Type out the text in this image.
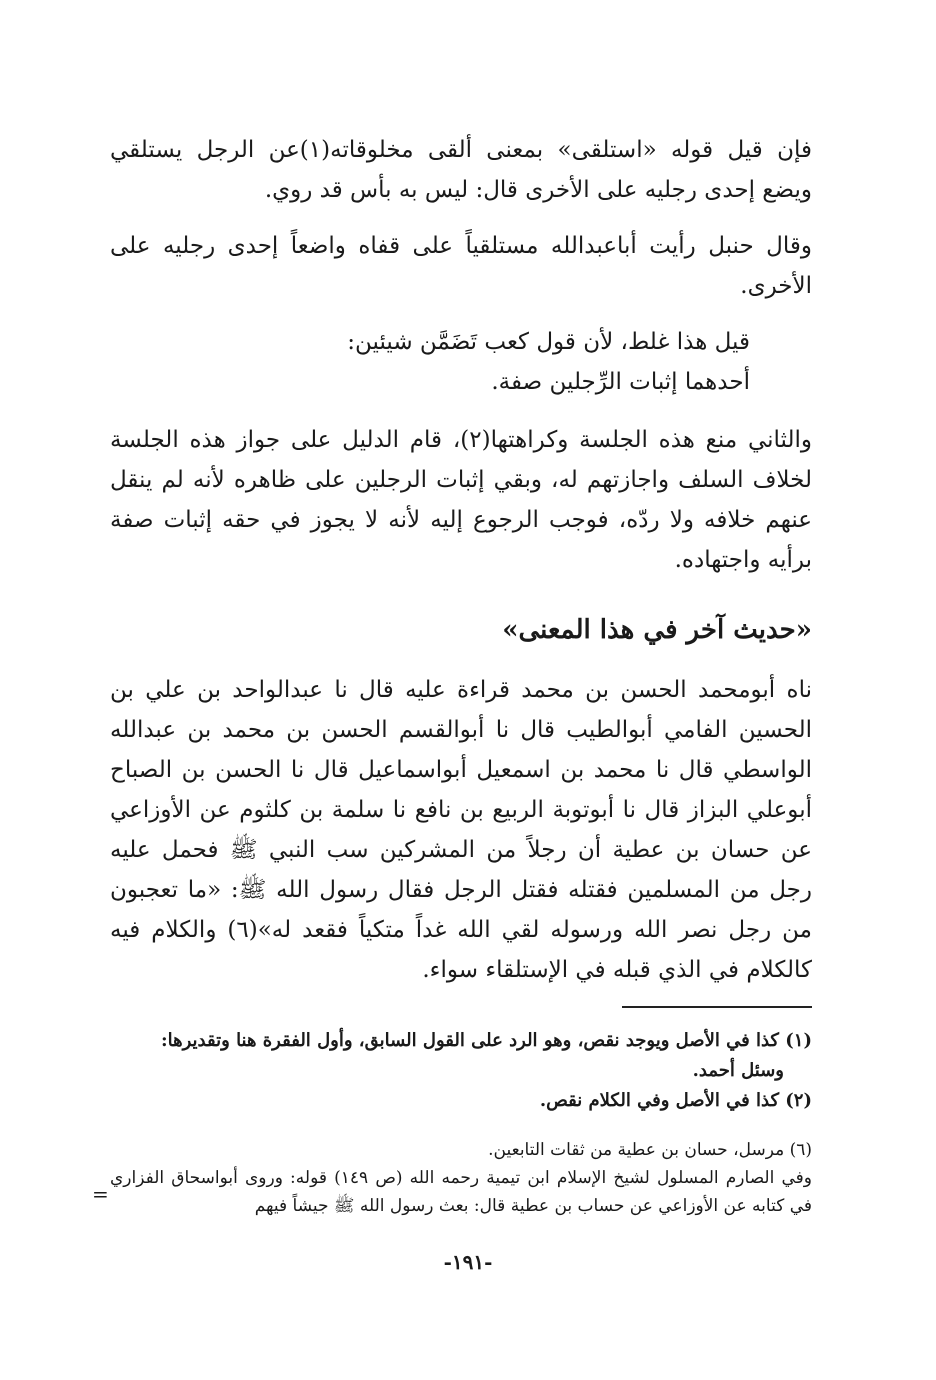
فإن قيل قوله «استلقى» بمعنى ألقى مخلوقاته(١)عن الرجل يستلقي ويضع إحدى رجليه على الأخرى قال: ليس به بأس قد روي.

وقال حنبل رأيت أباعبدالله مستلقياً على قفاه واضعاً إحدى رجليه على الأخرى.

قيل هذا غلط، لأن قول كعب تَضَمَّن شيئين:
أحدهما إثبات الرِّجلين صفة.

والثاني منع هذه الجلسة وكراهتها(٢)، قام الدليل على جواز هذه الجلسة لخلاف السلف واجازتهم له، وبقي إثبات الرجلين على ظاهره لأنه لم ينقل عنهم خلافه ولا ردّه، فوجب الرجوع إليه لأنه لا يجوز في حقه إثبات صفة برأيه واجتهاده.

«حديث آخر في هذا المعنى»

ناه أبومحمد الحسن بن محمد قراءة عليه قال نا عبدالواحد بن علي بن الحسين الفامي أبوالطيب قال نا أبوالقسم الحسن بن محمد بن عبدالله الواسطي قال نا محمد بن اسمعيل أبواسماعيل قال نا الحسن بن الصباح أبوعلي البزاز قال نا أبوتوبة الربيع بن نافع نا سلمة بن كلثوم عن الأوزاعي عن حسان بن عطية أن رجلاً من المشركين سب النبي ﷺ فحمل عليه رجل من المسلمين فقتله فقتل الرجل فقال رسول الله ﷺ: «ما تعجبون من رجل نصر الله ورسوله لقي الله غداً متكياً فقعد له»(٦) والكلام فيه كالكلام في الذي قبله في الإستلقاء سواء.

(١) كذا في الأصل ويوجد نقص، وهو الرد على القول السابق، وأول الفقرة هنا وتقديرها:
وسئل أحمد.
(٢) كذا في الأصل وفي الكلام نقص.
(٦) مرسل، حسان بن عطية من ثقات التابعين.
وفي الصارم المسلول لشيخ الإسلام ابن تيمية رحمه الله (ص ١٤٩) قوله: وروى أبواسحاق الفزاري في كتابه عن الأوزاعي عن حساب بن عطية قال: بعث رسول الله ﷺ جيشاً فيهم
=
-١٩١-
